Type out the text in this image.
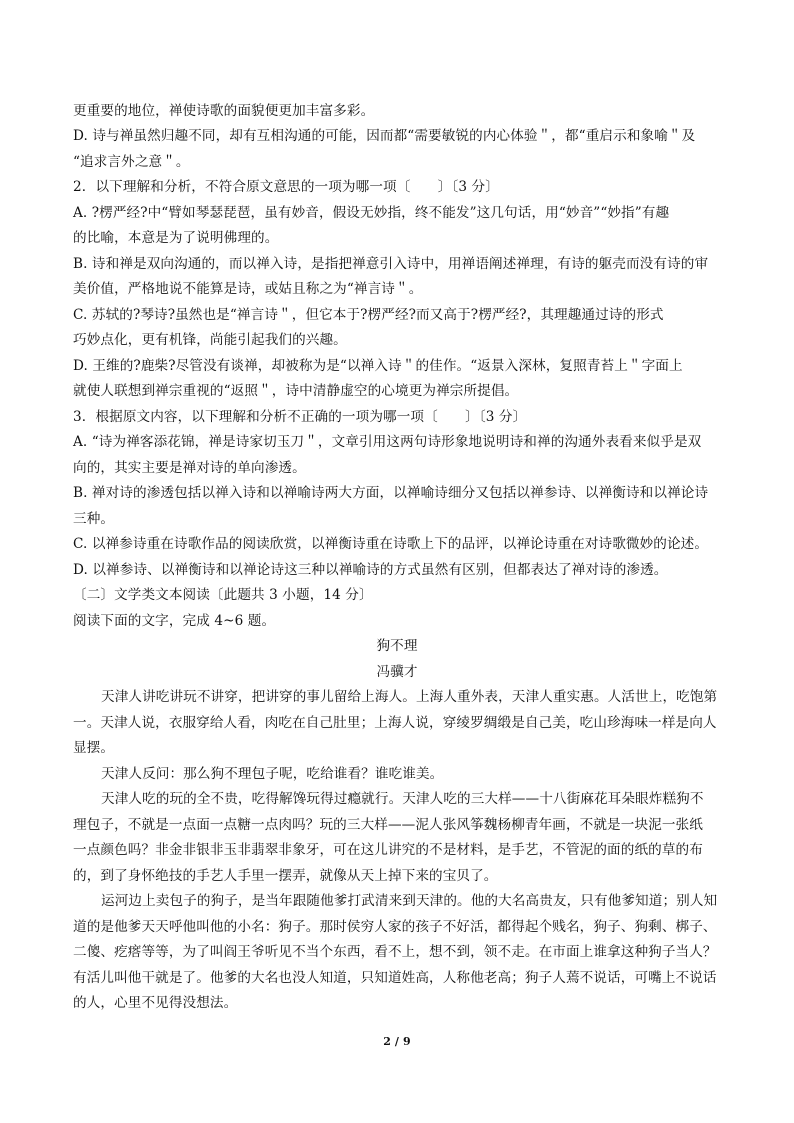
更重要的地位，禅使诗歌的面貌便更加丰富多彩。
D. 诗与禅虽然归趣不同，却有互相沟通的可能，因而都“需要敏锐的内心体验＂，都“重启示和象喻＂及
“追求言外之意＂。
2．以下理解和分析，不符合原文意思的一项为哪一项〔　　〕〔3 分〕
A. ?楞严经?中“臂如琴瑟琵琶，虽有妙音，假设无妙指，终不能发”这几句话，用“妙音”“妙指”有趣
的比喻，本意是为了说明佛理的。
B. 诗和禅是双向沟通的，而以禅入诗，是指把禅意引入诗中，用禅语阐述禅理，有诗的躯壳而没有诗的审
美价值，严格地说不能算是诗，或姑且称之为“禅言诗＂。
C. 苏轼的?琴诗?虽然也是“禅言诗＂，但它本于?楞严经?而又高于?楞严经?，其理趣通过诗的形式
巧妙点化，更有机锋，尚能引起我们的兴趣。
D. 王维的?鹿柴?尽管没有谈禅，却被称为是“以禅入诗＂的佳作。“返景入深林，复照青苔上＂字面上
就使人联想到禅宗重视的“返照＂，诗中清静虚空的心境更为禅宗所提倡。
3．根据原文内容，以下理解和分析不正确的一项为哪一项〔　　〕〔3 分〕
A. “诗为禅客添花锦，禅是诗家切玉刀＂，文章引用这两句诗形象地说明诗和禅的沟通外表看来似乎是双
向的，其实主要是禅对诗的单向渗透。
B. 禅对诗的渗透包括以禅入诗和以禅喻诗两大方面，以禅喻诗细分又包括以禅参诗、以禅衡诗和以禅论诗
三种。
C. 以禅参诗重在诗歌作品的阅读欣赏，以禅衡诗重在诗歌上下的品评，以禅论诗重在对诗歌微妙的论述。
D. 以禅参诗、以禅衡诗和以禅论诗这三种以禅喻诗的方式虽然有区别，但都表达了禅对诗的渗透。
〔二〕文学类文本阅读〔此题共 3 小题，14 分〕
阅读下面的文字，完成 4~6 题。
狗不理
冯骥才
天津人讲吃讲玩不讲穿，把讲穿的事儿留给上海人。上海人重外表，天津人重实惠。人活世上，吃饱第
一。天津人说，衣服穿给人看，肉吃在自己肚里；上海人说，穿绫罗绸缎是自己美，吃山珍海味一样是向人
显摆。
天津人反问：那么狗不理包子呢，吃给谁看？谁吃谁美。
天津人吃的玩的全不贵，吃得解馋玩得过瘾就行。天津人吃的三大样——十八街麻花耳朵眼炸糕狗不
理包子，不就是一点面一点糖一点肉吗？玩的三大样——泥人张风筝魏杨柳青年画，不就是一块泥一张纸
一点颜色吗？非金非银非玉非翡翠非象牙，可在这儿讲究的不是材料，是手艺，不管泥的面的纸的草的布
的，到了身怀绝技的手艺人手里一摆弄，就像从天上掉下来的宝贝了。
运河边上卖包子的狗子，是当年跟随他爹打武清来到天津的。他的大名高贵友，只有他爹知道；别人知
道的是他爹天天呼他叫他的小名：狗子。那时侯穷人家的孩子不好活，都得起个贱名，狗子、狗剩、梆子、
二傻、疙瘩等等，为了叫阎王爷听见不当个东西，看不上，想不到，领不走。在市面上谁拿这种狗子当人？
有活儿叫他干就是了。他爹的大名也没人知道，只知道姓高，人称他老高；狗子人蔫不说话，可嘴上不说话
的人，心里不见得没想法。
2 / 9
